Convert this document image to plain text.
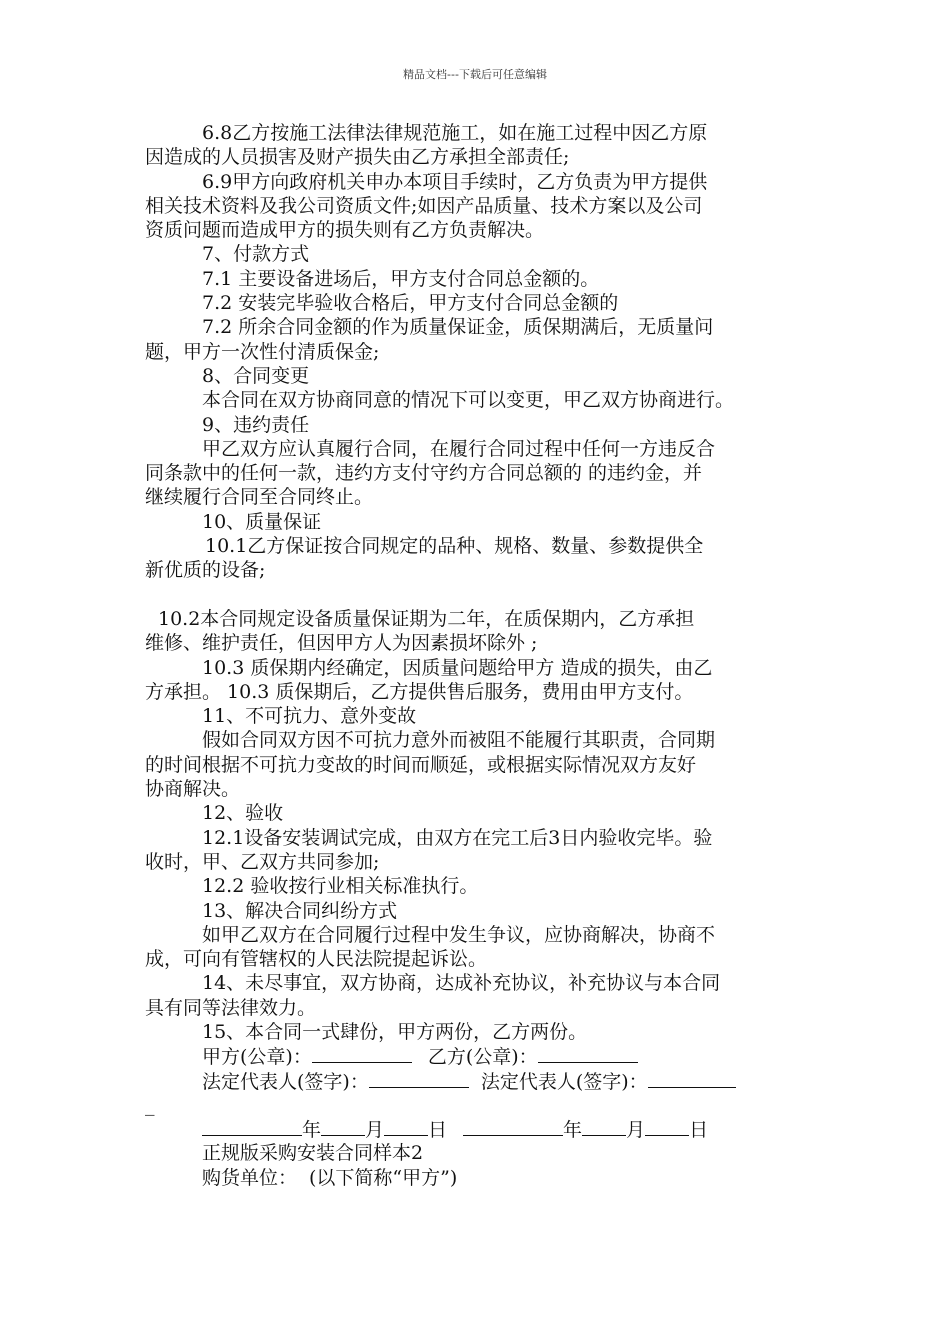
精品文档---下载后可任意编辑
6.8乙方按施工法律法律规范施工，如在施工过程中因乙方原
因造成的人员损害及财产损失由乙方承担全部责任;
6.9甲方向政府机关申办本项目手续时，乙方负责为甲方提供
相关技术资料及我公司资质文件;如因产品质量、技术方案以及公司
资质问题而造成甲方的损失则有乙方负责解决。
7、付款方式
7.1 主要设备进场后，甲方支付合同总金额的。
7.2 安装完毕验收合格后，甲方支付合同总金额的
7.2 所余合同金额的作为质量保证金，质保期满后，无质量问
题，甲方一次性付清质保金;
8、合同变更
本合同在双方协商同意的情况下可以变更，甲乙双方协商进行。
9、违约责任
甲乙双方应认真履行合同，在履行合同过程中任何一方违反合
同条款中的任何一款，违约方支付守约方合同总额的 的违约金，并
继续履行合同至合同终止。
10、质量保证
10.1乙方保证按合同规定的品种、规格、数量、参数提供全
新优质的设备;
10.2本合同规定设备质量保证期为二年，在质保期内，乙方承担
维修、维护责任，但因甲方人为因素损坏除外 ;
10.3 质保期内经确定，因质量问题给甲方 造成的损失，由乙
方承担。 10.3 质保期后，乙方提供售后服务，费用由甲方支付。
11、不可抗力、意外变故
假如合同双方因不可抗力意外而被阻不能履行其职责，合同期
的时间根据不可抗力变故的时间而顺延，或根据实际情况双方友好
协商解决。
12、验收
12.1设备安装调试完成，由双方在完工后3日内验收完毕。验
收时，甲、乙双方共同参加;
12.2 验收按行业相关标准执行。
13、解决合同纠纷方式
如甲乙双方在合同履行过程中发生争议，应协商解决，协商不
成，可向有管辖权的人民法院提起诉讼。
14、未尽事宜，双方协商，达成补充协议，补充协议与本合同
具有同等法律效力。
15、本合同一式肆份，甲方两份，乙方两份。
甲方(公章)：	乙方(公章)：
法定代表人(签字)：	法定代表人(签字)：
_
年 月 日	年 月 日
正规版采购安装合同样本2
购货单位： (以下简称“甲方”)
